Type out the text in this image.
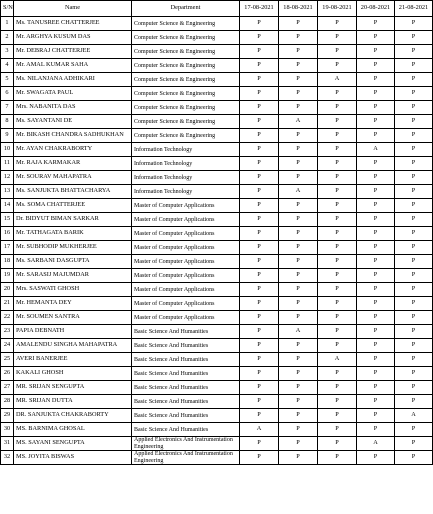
S/N	Name	Department	17-08-2021	18-08-2021	19-08-2021	20-08-2021	21-08-2021
1	Ms. TANUSREE CHATTERJEE	Computer Science & Engineering	P	P	P	P	P
2	Mr. ARGHYA KUSUM DAS	Computer Science & Engineering	P	P	P	P	P
3	Mr. DEBRAJ CHATTERJEE	Computer Science & Engineering	P	P	P	P	P
4	Mr. AMAL KUMAR SAHA	Computer Science & Engineering	P	P	P	P	P
5	Ms. NILANJANA ADHIKARI	Computer Science & Engineering	P	P	A	P	P
6	Mr. SWAGATA PAUL	Computer Science & Engineering	P	P	P	P	P
7	Mrs. NABANITA DAS	Computer Science & Engineering	P	P	P	P	P
8	Ms. SAYANTANI DE	Computer Science & Engineering	P	A	P	P	P
9	Mr. BIKASH CHANDRA SADHUKHAN	Computer Science & Engineering	P	P	P	P	P
10	Mr. AYAN CHAKRABORTY	Information Technology	P	P	P	A	P
11	Mr. RAJA KARMAKAR	Information Technology	P	P	P	P	P
12	Mr. SOURAV MAHAPATRA	Information Technology	P	P	P	P	P
13	Ms. SANJUKTA BHATTACHARYA	Information Technology	P	A	P	P	P
14	Ms. SOMA CHATTERJEE	Master of Computer Applications	P	P	P	P	P
15	Dr. BIDYUT BIMAN SARKAR	Master of Computer Applications	P	P	P	P	P
16	Mr. TATHAGATA BARIK	Master of Computer Applications	P	P	P	P	P
17	Mr. SUBHODIP MUKHERJEE	Master of Computer Applications	P	P	P	P	P
18	Ms. SARBANI DASGUPTA	Master of Computer Applications	P	P	P	P	P
19	Mr. SARASIJ MAJUMDAR	Master of Computer Applications	P	P	P	P	P
20	Mrs. SASWATI GHOSH	Master of Computer Applications	P	P	P	P	P
21	Mr. HEMANTA DEY	Master of Computer Applications	P	P	P	P	P
22	Mr. SOUMEN SANTRA	Master of Computer Applications	P	P	P	P	P
23	PAPIA DEBNATH	Basic Science And Humanities	P	A	P	P	P
24	AMALENDU SINGHA MAHAPATRA	Basic Science And Humanities	P	P	P	P	P
25	AVERI BANERJEE	Basic Science And Humanities	P	P	A	P	P
26	KAKALI GHOSH	Basic Science And Humanities	P	P	P	P	P
27	MR. SRIJAN SENGUPTA	Basic Science And Humanities	P	P	P	P	P
28	MR. SRIJAN DUTTA	Basic Science And Humanities	P	P	P	P	P
29	DR. SANJUKTA CHAKRABORTY	Basic Science And Humanities	P	P	P	P	A
30	MS. BARNIMA GHOSAL	Basic Science And Humanities	A	P	P	P	P
31	MS. SAYANI SENGUPTA	Applied Electronics And Instrumentation Engineering	P	P	P	A	P
32	MS. JOYITA BISWAS	Applied Electronics And Instrumentation Engineering	P	P	P	P	P
